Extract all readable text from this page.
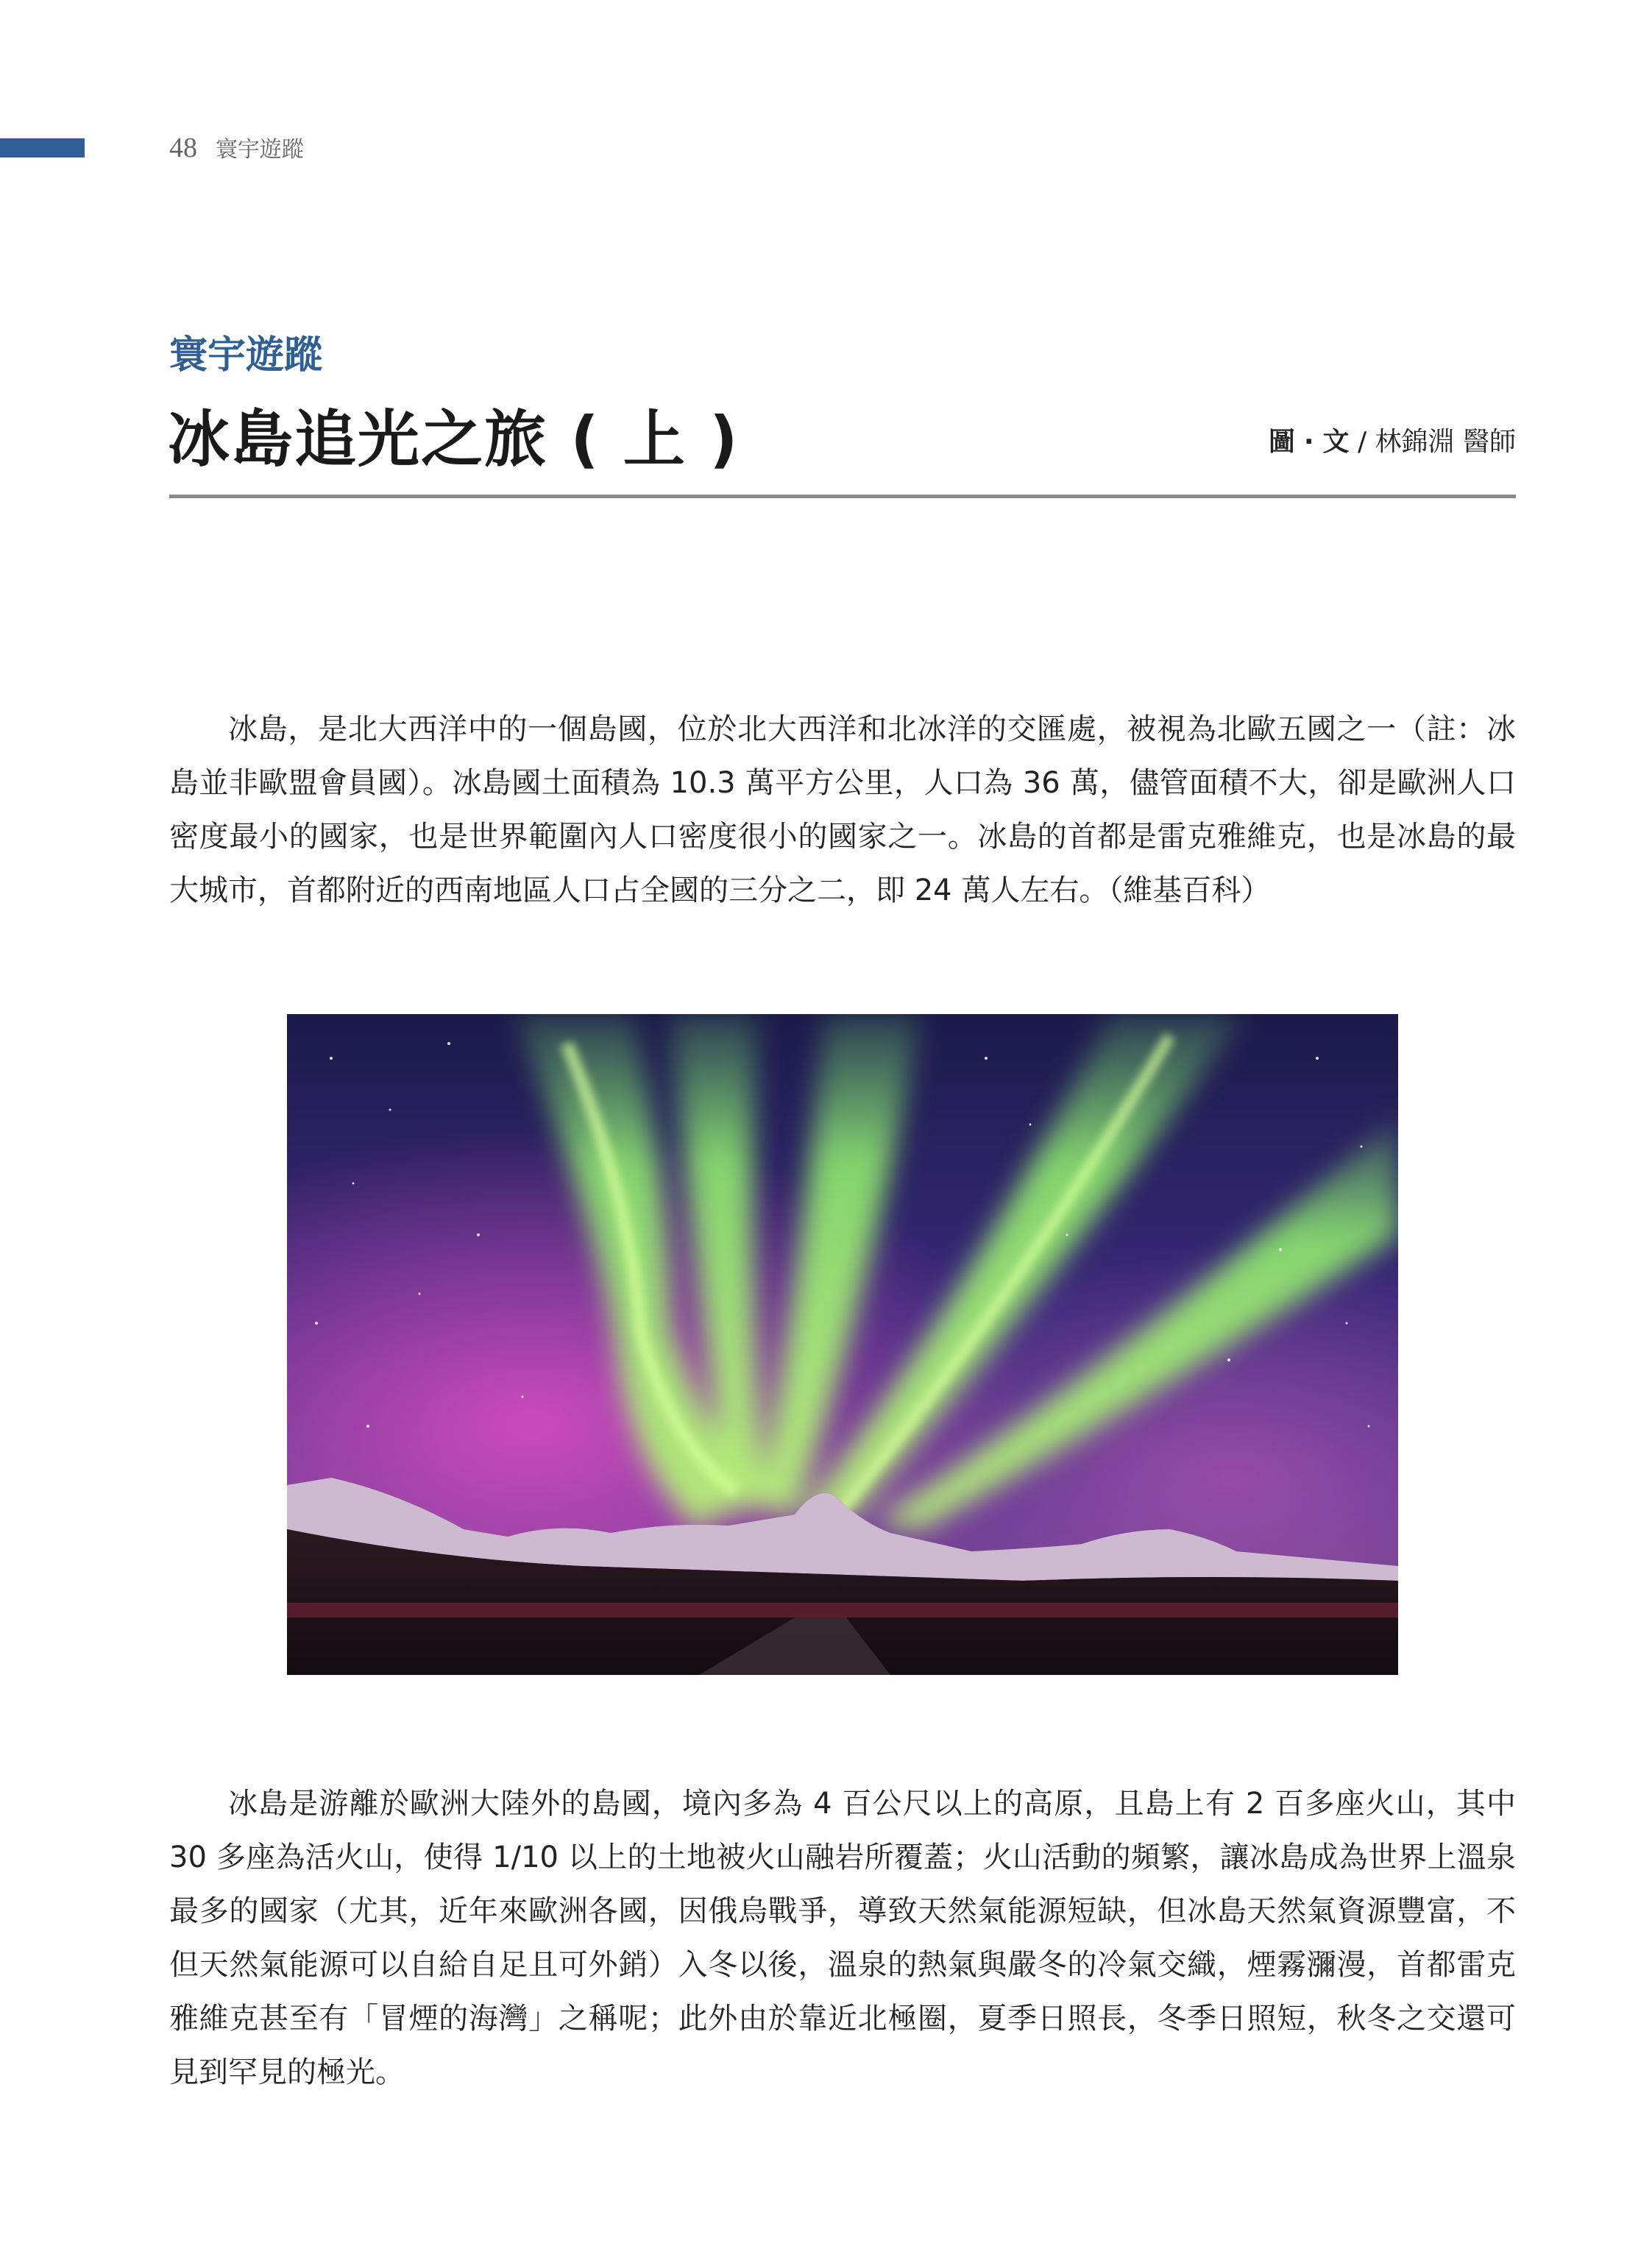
48 寰宇遊蹤
寰宇遊蹤
冰島追光之旅 ( 上 )	圖 ‧ 文 / 林錦淵 醫師

冰島，是北大西洋中的一個島國，位於北大西洋和北冰洋的交匯處，被視為北歐五國之一（註：冰島並非歐盟會員國）。冰島國土面積為 10.3 萬平方公里，人口為 36 萬，儘管面積不大，卻是歐洲人口密度最小的國家，也是世界範圍內人口密度很小的國家之一。冰島的首都是雷克雅維克，也是冰島的最大城市，首都附近的西南地區人口占全國的三分之二，即 24 萬人左右。（維基百科）

冰島是游離於歐洲大陸外的島國，境內多為 4 百公尺以上的高原，且島上有 2 百多座火山，其中 30 多座為活火山，使得 1/10 以上的土地被火山融岩所覆蓋；火山活動的頻繁，讓冰島成為世界上溫泉最多的國家（尤其，近年來歐洲各國，因俄烏戰爭，導致天然氣能源短缺，但冰島天然氣資源豐富，不但天然氣能源可以自給自足且可外銷）入冬以後，溫泉的熱氣與嚴冬的冷氣交織，煙霧瀰漫，首都雷克雅維克甚至有「冒煙的海灣」之稱呢；此外由於靠近北極圈，夏季日照長，冬季日照短，秋冬之交還可見到罕見的極光。
